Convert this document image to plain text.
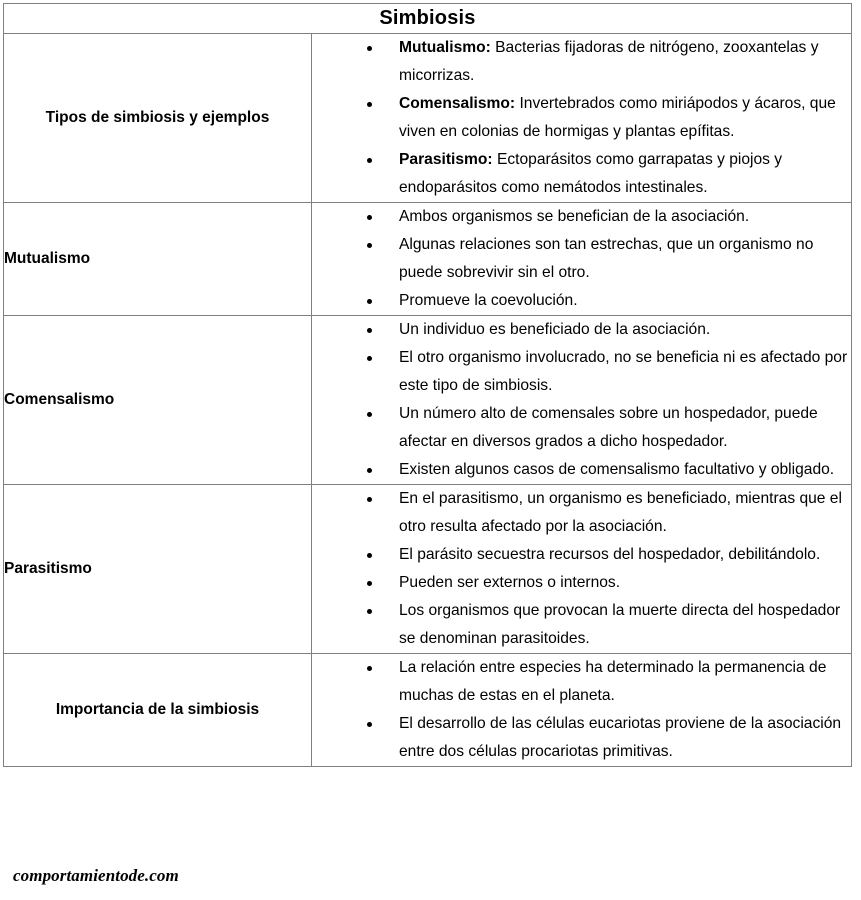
Simbiosis	
Tipos de simbiosis y ejemplos	
Mutualismo: Bacterias fijadoras de nitrógeno, zooxantelas y micorrizas.
Comensalismo: Invertebrados como miriápodos y ácaros, que viven en colonias de hormigas y plantas epífitas.
Parasitismo: Ectoparásitos como garrapatas y piojos y endoparásitos como nemátodos intestinales.

Mutualismo	
Ambos organismos se benefician de la asociación.
Algunas relaciones son tan estrechas, que un organismo no puede sobrevivir sin el otro.
Promueve la coevolución.

Comensalismo	
Un individuo es beneficiado de la asociación.
El otro organismo involucrado, no se beneficia ni es afectado por este tipo de simbiosis.
Un número alto de comensales sobre un hospedador, puede afectar en diversos grados a dicho hospedador.
Existen algunos casos de comensalismo facultativo y obligado.

Parasitismo	
En el parasitismo, un organismo es beneficiado, mientras que el otro resulta afectado por la asociación.
El parásito secuestra recursos del hospedador, debilitándolo.
Pueden ser externos o internos.
Los organismos que provocan la muerte directa del hospedador se denominan parasitoides.

Importancia de la simbiosis	
La relación entre especies ha determinado la permanencia de muchas de estas en el planeta.
El desarrollo de las células eucariotas proviene de la asociación entre dos células procariotas primitivas.
comportamientode.com
